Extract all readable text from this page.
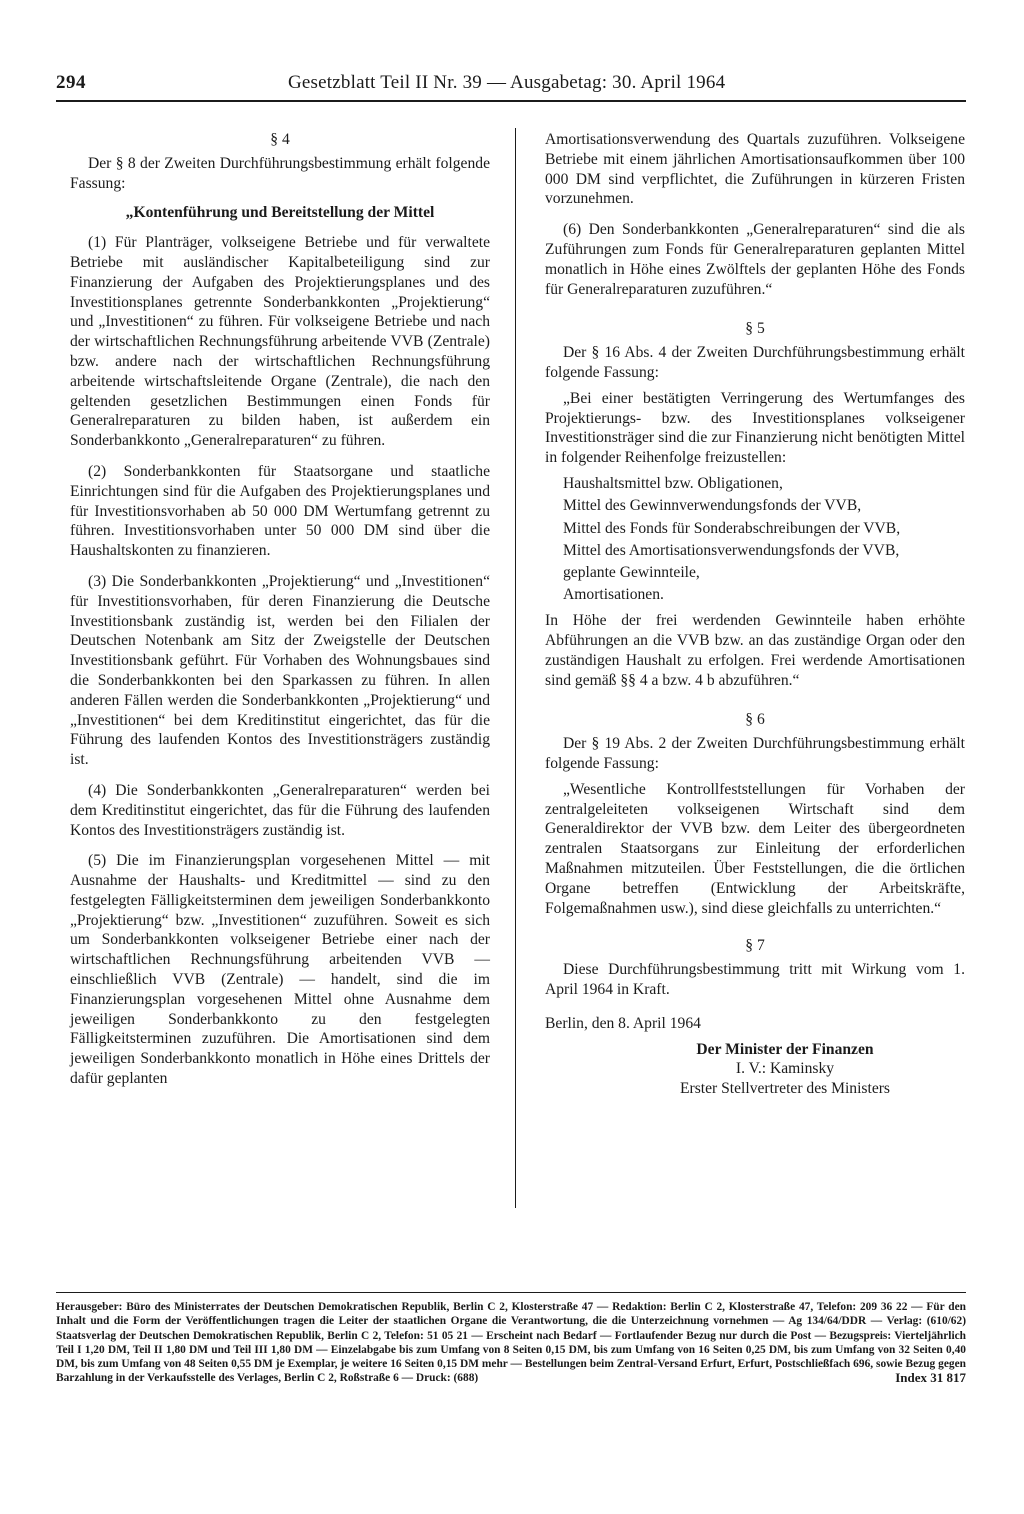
294	Gesetzblatt Teil II Nr. 39 — Ausgabetag: 30. April 1964

§ 4

Der § 8 der Zweiten Durchführungsbestimmung erhält folgende Fassung:

„Kontenführung und Bereitstellung der Mittel

(1) Für Planträger, volkseigene Betriebe und für verwaltete Betriebe mit ausländischer Kapitalbeteiligung sind zur Finanzierung der Aufgaben des Projektierungsplanes und des Investitionsplanes getrennte Sonderbankkonten „Projektierung“ und „Investitionen“ zu führen. Für volkseigene Betriebe und nach der wirtschaftlichen Rechnungsführung arbeitende VVB (Zentrale) bzw. andere nach der wirtschaftlichen Rechnungsführung arbeitende wirtschaftsleitende Organe (Zentrale), die nach den geltenden gesetzlichen Bestimmungen einen Fonds für Generalreparaturen zu bilden haben, ist außerdem ein Sonderbankkonto „Generalreparaturen“ zu führen.

(2) Sonderbankkonten für Staatsorgane und staatliche Einrichtungen sind für die Aufgaben des Projektierungsplanes und für Investitionsvorhaben ab 50 000 DM Wertumfang getrennt zu führen. Investitionsvorhaben unter 50 000 DM sind über die Haushaltskonten zu finanzieren.

(3) Die Sonderbankkonten „Projektierung“ und „Investitionen“ für Investitionsvorhaben, für deren Finanzierung die Deutsche Investitionsbank zuständig ist, werden bei den Filialen der Deutschen Notenbank am Sitz der Zweigstelle der Deutschen Investitionsbank geführt. Für Vorhaben des Wohnungsbaues sind die Sonderbankkonten bei den Sparkassen zu führen. In allen anderen Fällen werden die Sonderbankkonten „Projektierung“ und „Investitionen“ bei dem Kreditinstitut eingerichtet, das für die Führung des laufenden Kontos des Investitionsträgers zuständig ist.

(4) Die Sonderbankkonten „Generalreparaturen“ werden bei dem Kreditinstitut eingerichtet, das für die Führung des laufenden Kontos des Investitionsträgers zuständig ist.

(5) Die im Finanzierungsplan vorgesehenen Mittel — mit Ausnahme der Haushalts- und Kreditmittel — sind zu den festgelegten Fälligkeitsterminen dem jeweiligen Sonderbankkonto „Projektierung“ bzw. „Investitionen“ zuzuführen. Soweit es sich um Sonderbankkonten volkseigener Betriebe einer nach der wirtschaftlichen Rechnungsführung arbeitenden VVB — einschließlich VVB (Zentrale) — handelt, sind die im Finanzierungsplan vorgesehenen Mittel ohne Ausnahme dem jeweiligen Sonderbankkonto zu den festgelegten Fälligkeitsterminen zuzuführen. Die Amortisationen sind dem jeweiligen Sonderbankkonto monatlich in Höhe eines Drittels der dafür geplanten

Amortisationsverwendung des Quartals zuzuführen. Volkseigene Betriebe mit einem jährlichen Amortisationsaufkommen über 100 000 DM sind verpflichtet, die Zuführungen in kürzeren Fristen vorzunehmen.

(6) Den Sonderbankkonten „Generalreparaturen“ sind die als Zuführungen zum Fonds für Generalreparaturen geplanten Mittel monatlich in Höhe eines Zwölftels der geplanten Höhe des Fonds für Generalreparaturen zuzuführen.“

§ 5

Der § 16 Abs. 4 der Zweiten Durchführungsbestimmung erhält folgende Fassung:

„Bei einer bestätigten Verringerung des Wertumfanges des Projektierungs- bzw. des Investitionsplanes volkseigener Investitionsträger sind die zur Finanzierung nicht benötigten Mittel in folgender Reihenfolge freizustellen:

Haushaltsmittel bzw. Obligationen,
Mittel des Gewinnverwendungsfonds der VVB,
Mittel des Fonds für Sonderabschreibungen der VVB,
Mittel des Amortisationsverwendungsfonds der VVB,
geplante Gewinnteile,
Amortisationen.

In Höhe der frei werdenden Gewinnteile haben erhöhte Abführungen an die VVB bzw. an das zuständige Organ oder den zuständigen Haushalt zu erfolgen. Frei werdende Amortisationen sind gemäß §§ 4 a bzw. 4 b abzuführen.“

§ 6

Der § 19 Abs. 2 der Zweiten Durchführungsbestimmung erhält folgende Fassung:

„Wesentliche Kontrollfeststellungen für Vorhaben der zentralgeleiteten volkseigenen Wirtschaft sind dem Generaldirektor der VVB bzw. dem Leiter des übergeordneten zentralen Staatsorgans zur Einleitung der erforderlichen Maßnahmen mitzuteilen. Über Feststellungen, die die örtlichen Organe betreffen (Entwicklung der Arbeitskräfte, Folgemaßnahmen usw.), sind diese gleichfalls zu unterrichten.“

§ 7

Diese Durchführungsbestimmung tritt mit Wirkung vom 1. April 1964 in Kraft.

Berlin, den 8. April 1964

Der Minister der Finanzen

I. V.: Kaminsky

Erster Stellvertreter des Ministers

Herausgeber: Büro des Ministerrates der Deutschen Demokratischen Republik, Berlin C 2, Klosterstraße 47 — Redaktion: Berlin C 2, Klosterstraße 47, Telefon: 209 36 22 — Für den Inhalt und die Form der Veröffentlichungen tragen die Leiter der staatlichen Organe die Verantwortung, die die Unterzeichnung vornehmen — Ag 134/64/DDR — Verlag: (610/62) Staatsverlag der Deutschen Demokratischen Republik, Berlin C 2, Telefon: 51 05 21 — Erscheint nach Bedarf — Fortlaufender Bezug nur durch die Post — Bezugspreis: Vierteljährlich Teil I 1,20 DM, Teil II 1,80 DM und Teil III 1,80 DM — Einzelabgabe bis zum Umfang von 8 Seiten 0,15 DM, bis zum Umfang von 16 Seiten 0,25 DM, bis zum Umfang von 32 Seiten 0,40 DM, bis zum Umfang von 48 Seiten 0,55 DM je Exemplar, je weitere 16 Seiten 0,15 DM mehr — Bestellungen beim Zentral-Versand Erfurt, Erfurt, Postschließfach 696, sowie Bezug gegen Barzahlung in der Verkaufsstelle des Verlages, Berlin C 2, Roßstraße 6 — Druck: (688)	Index 31 817
